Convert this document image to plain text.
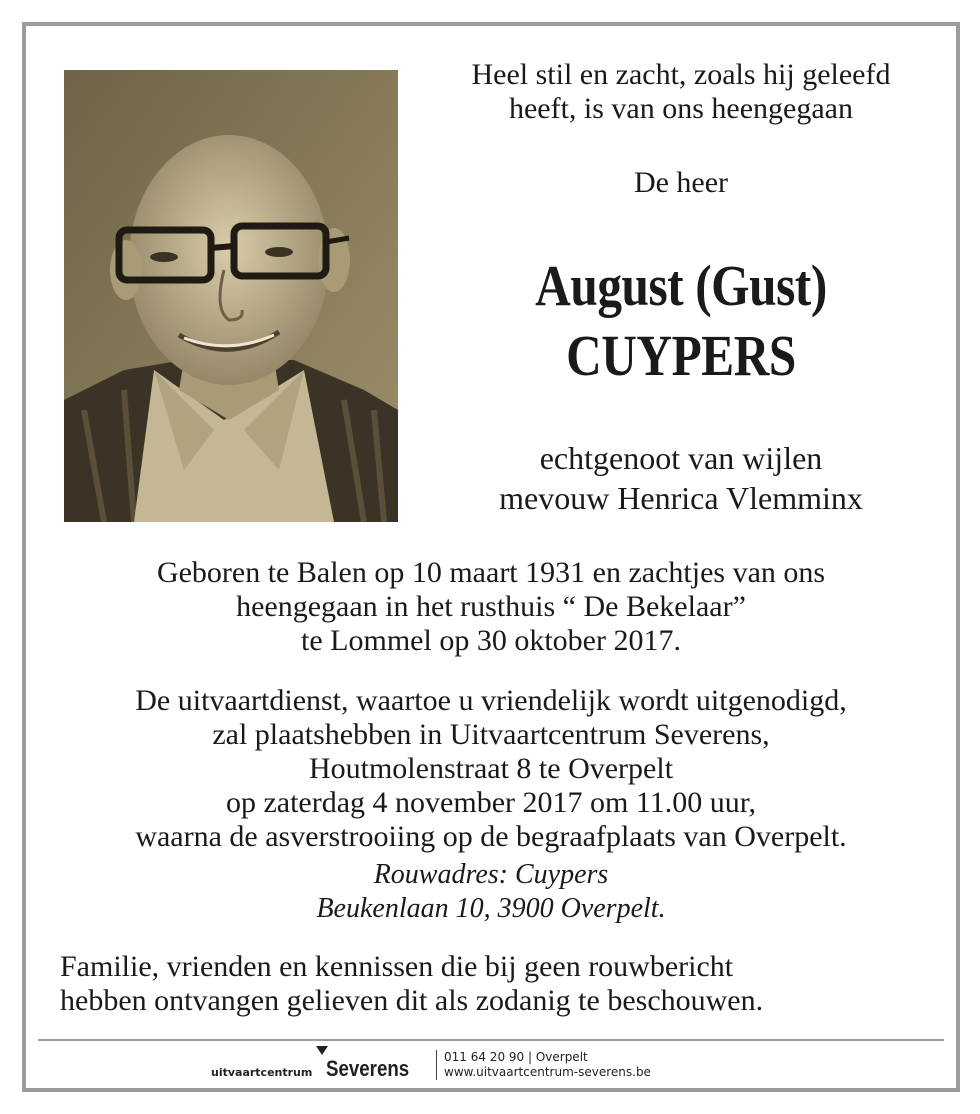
Heel stil en zacht, zoals hij geleefd
heeft, is van ons heengegaan
De heer
August (Gust)
CUYPERS
echtgenoot van wijlen
mevouw Henrica Vlemminx
Geboren te Balen op 10 maart 1931 en zachtjes van ons
heengegaan in het rusthuis “ De Bekelaar”
te Lommel op 30 oktober 2017.
De uitvaartdienst, waartoe u vriendelijk wordt uitgenodigd,
zal plaatshebben in Uitvaartcentrum Severens,
Houtmolenstraat 8 te Overpelt
op zaterdag 4 november 2017 om 11.00 uur,
waarna de asverstrooiing op de begraafplaats van Overpelt.
Rouwadres: Cuypers
Beukenlaan 10, 3900 Overpelt.
Familie, vrienden en kennissen die bij geen rouwbericht
hebben ontvangen gelieven dit als zodanig te beschouwen.
uitvaartcentrum Severens	011 64 20 90 | Overpelt
www.uitvaartcentrum-severens.be
